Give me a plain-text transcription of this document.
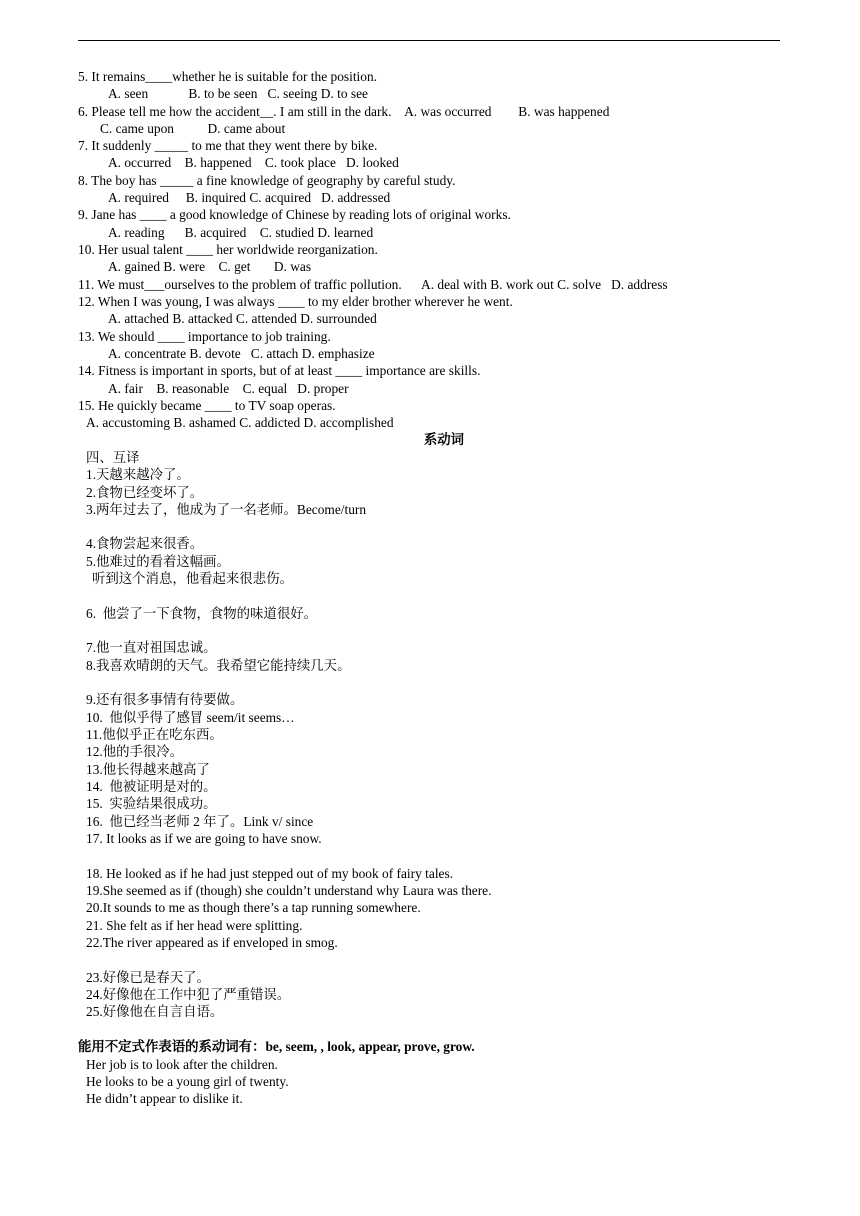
5. It remains____whether he is suitable for the position.
A. seen            B. to be seen   C. seeing D. to see
6. Please tell me how the accident__. I am still in the dark.    A. was occurred        B. was happened
C. came upon          D. came about
7. It suddenly _____ to me that they went there by bike.
A. occurred    B. happened    C. took place   D. looked
8. The boy has _____ a fine knowledge of geography by careful study.
A. required     B. inquired C. acquired   D. addressed
9. Jane has ____ a good knowledge of Chinese by reading lots of original works.
A. reading      B. acquired    C. studied D. learned
10. Her usual talent ____ her worldwide reorganization.
A. gained B. were    C. get       D. was
11. We must___ourselves to the problem of traffic pollution.      A. deal with B. work out C. solve   D. address
12. When I was young, I was always ____ to my elder brother wherever he went.
A. attached B. attacked C. attended D. surrounded
13. We should ____ importance to job training.
A. concentrate B. devote   C. attach D. emphasize
14. Fitness is important in sports, but of at least ____ importance are skills.
A. fair    B. reasonable    C. equal   D. proper
15. He quickly became ____ to TV soap operas.
A. accustoming B. ashamed C. addicted D. accomplished
系动词
四、互译
1.天越来越冷了。
2.食物已经变坏了。
3.两年过去了，他成为了一名老师。Become/turn
4.食物尝起来很香。
5.他难过的看着这幅画。
听到这个消息，他看起来很悲伤。
6.  他尝了一下食物，食物的味道很好。
7.他一直对祖国忠诚。
8.我喜欢晴朗的天气。我希望它能持续几天。
9.还有很多事情有待要做。
10.  他似乎得了感冒 seem/it seems…
11.他似乎正在吃东西。
12.他的手很冷。
13.他长得越来越高了
14.  他被证明是对的。
15.  实验结果很成功。
16.  他已经当老师 2 年了。Link v/ since
17. It looks as if we are going to have snow.
18. He looked as if he had just stepped out of my book of fairy tales.
19.She seemed as if (though) she couldn’t understand why Laura was there.
20.It sounds to me as though there’s a tap running somewhere.
21. She felt as if her head were splitting.
22.The river appeared as if enveloped in smog.
23.好像已是春天了。
24.好像他在工作中犯了严重错误。
25.好像他在自言自语。
能用不定式作表语的系动词有：be, seem, , look, appear, prove, grow.
Her job is to look after the children.
He looks to be a young girl of twenty.
He didn’t appear to dislike it.
